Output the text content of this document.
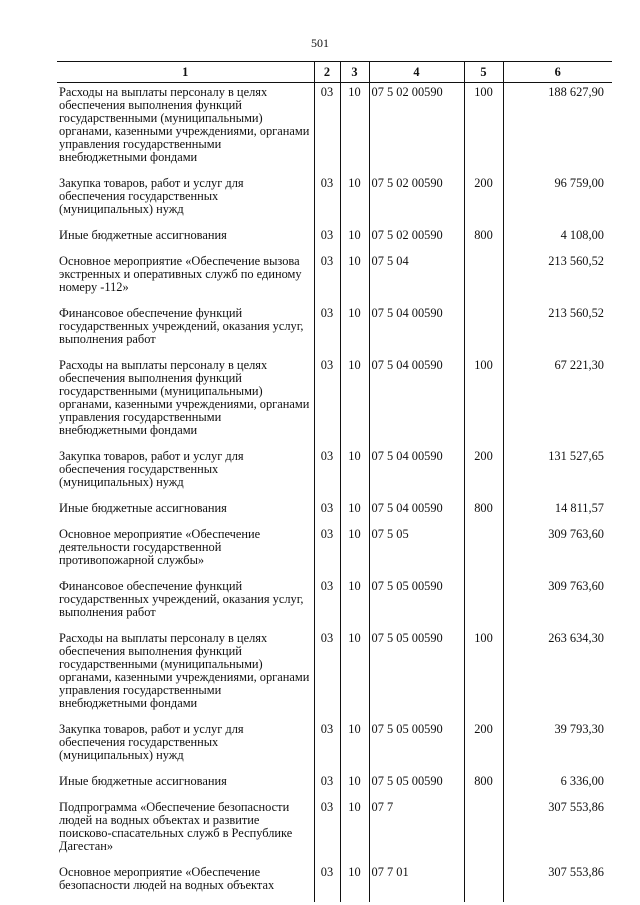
501
1	2	3	4	5	6
Расходы на выплаты персоналу в целях обеспечения выполнения функций государственными (муниципальными) органами, казенными учреждениями, органами управления государственными внебюджетными фондами	03	10	07 5 02 00590	100	188 627,90
Закупка товаров, работ и услуг для обеспечения государственных (муниципальных) нужд	03	10	07 5 02 00590	200	96 759,00
Иные бюджетные ассигнования	03	10	07 5 02 00590	800	4 108,00
Основное мероприятие «Обеспечение вызова экстренных и оперативных служб по единому номеру -112»	03	10	07 5 04		213 560,52
Финансовое обеспечение функций государственных учреждений, оказания услуг, выполнения работ	03	10	07 5 04 00590		213 560,52
Расходы на выплаты персоналу в целях обеспечения выполнения функций государственными (муниципальными) органами, казенными учреждениями, органами управления государственными внебюджетными фондами	03	10	07 5 04 00590	100	67 221,30
Закупка товаров, работ и услуг для обеспечения государственных (муниципальных) нужд	03	10	07 5 04 00590	200	131 527,65
Иные бюджетные ассигнования	03	10	07 5 04 00590	800	14 811,57
Основное мероприятие «Обеспечение деятельности государственной противопожарной службы»	03	10	07 5 05		309 763,60
Финансовое обеспечение функций государственных учреждений, оказания услуг, выполнения работ	03	10	07 5 05 00590		309 763,60
Расходы на выплаты персоналу в целях обеспечения выполнения функций государственными (муниципальными) органами, казенными учреждениями, органами управления государственными внебюджетными фондами	03	10	07 5 05 00590	100	263 634,30
Закупка товаров, работ и услуг для обеспечения государственных (муниципальных) нужд	03	10	07 5 05 00590	200	39 793,30
Иные бюджетные ассигнования	03	10	07 5 05 00590	800	6 336,00
Подпрограмма «Обеспечение безопасности людей на водных объектах и развитие поисково-спасательных служб в Республике Дагестан»	03	10	07 7		307 553,86
Основное мероприятие «Обеспечение безопасности людей на водных объектах	03	10	07 7 01		307 553,86
